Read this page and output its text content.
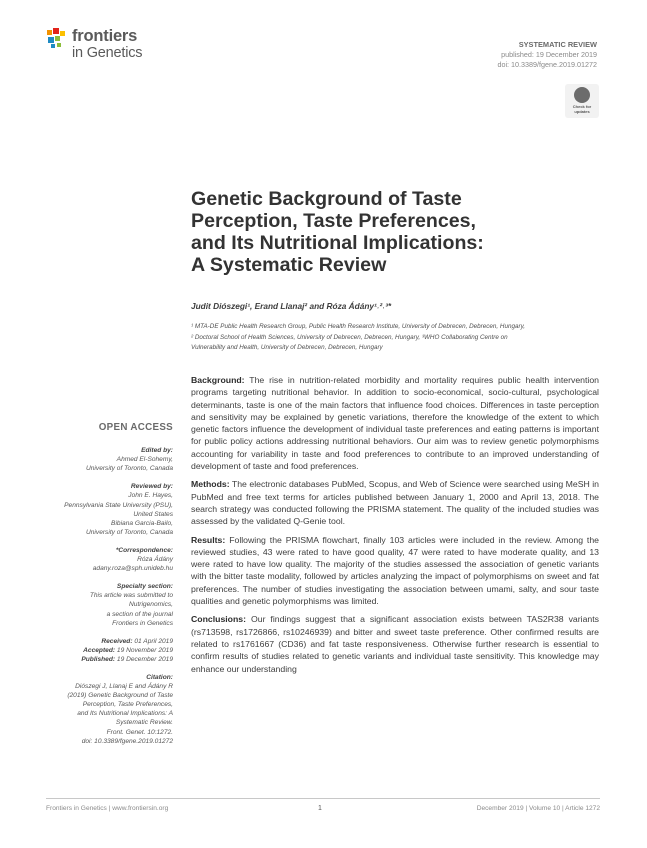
frontiers
in Genetics
SYSTEMATIC REVIEW
published: 19 December 2019
doi: 10.3389/fgene.2019.01272
Check for
updates
Genetic Background of Taste
Perception, Taste Preferences,
and Its Nutritional Implications:
A Systematic Review
Judit Diószegi¹, Erand Llanaj² and Róza Ádány¹˒²˒³*
¹ MTA-DE Public Health Research Group, Public Health Research Institute, University of Debrecen, Debrecen, Hungary,
² Doctoral School of Health Sciences, University of Debrecen, Debrecen, Hungary, ³WHO Collaborating Centre on
Vulnerability and Health, University of Debrecen, Debrecen, Hungary

Background: The rise in nutrition-related morbidity and mortality requires public health intervention programs targeting nutritional behavior. In addition to socio-economical, socio-cultural, psychological determinants, taste is one of the main factors that influence food choices. Differences in taste perception and sensitivity may be explained by genetic variations, therefore the knowledge of the extent to which genetic factors influence the development of individual taste preferences and eating patterns is important for public policy actions addressing nutritional behaviors. Our aim was to review genetic polymorphisms accounting for variability in taste and food preferences to contribute to an improved understanding of development of taste and food preferences.

Methods: The electronic databases PubMed, Scopus, and Web of Science were searched using MeSH in PubMed and free text terms for articles published between January 1, 2000 and April 13, 2018. The search strategy was conducted following the PRISMA statement. The quality of the included studies was assessed by the validated Q-Genie tool.

Results: Following the PRISMA flowchart, finally 103 articles were included in the review. Among the reviewed studies, 43 were rated to have good quality, 47 were rated to have moderate quality, and 13 were rated to have low quality. The majority of the studies assessed the association of genetic variants with the bitter taste modality, followed by articles analyzing the impact of polymorphisms on sweet and fat preferences. The number of studies investigating the association between umami, salty, and sour taste qualities and genetic polymorphisms was limited.

Conclusions: Our findings suggest that a significant association exists between TAS2R38 variants (rs713598, rs1726866, rs10246939) and bitter and sweet taste preference. Other confirmed results are related to rs1761667 (CD36) and fat taste responsiveness. Otherwise further research is essential to confirm results of studies related to genetic variants and individual taste sensitivity. This knowledge may enhance our understanding

OPEN ACCESS
Edited by:
Ahmed El-Sohemy,
University of Toronto, Canada
Reviewed by:
John E. Hayes,
Pennsylvania State University (PSU),
United States
Bibiana Garcia-Bailo,
University of Toronto, Canada
*Correspondence:
Róza Ádány
adany.roza@sph.unideb.hu
Specialty section:
This article was submitted to
Nutrigenomics,
a section of the journal
Frontiers in Genetics
Received: 01 April 2019
Accepted: 19 November 2019
Published: 19 December 2019
Citation:
Diószegi J, Llanaj E and Ádány R
(2019) Genetic Background of Taste
Perception, Taste Preferences,
and Its Nutritional Implications: A
Systematic Review.
Front. Genet. 10:1272.
doi: 10.3389/fgene.2019.01272
Frontiers in Genetics | www.frontiersin.org	1	December 2019 | Volume 10 | Article 1272
